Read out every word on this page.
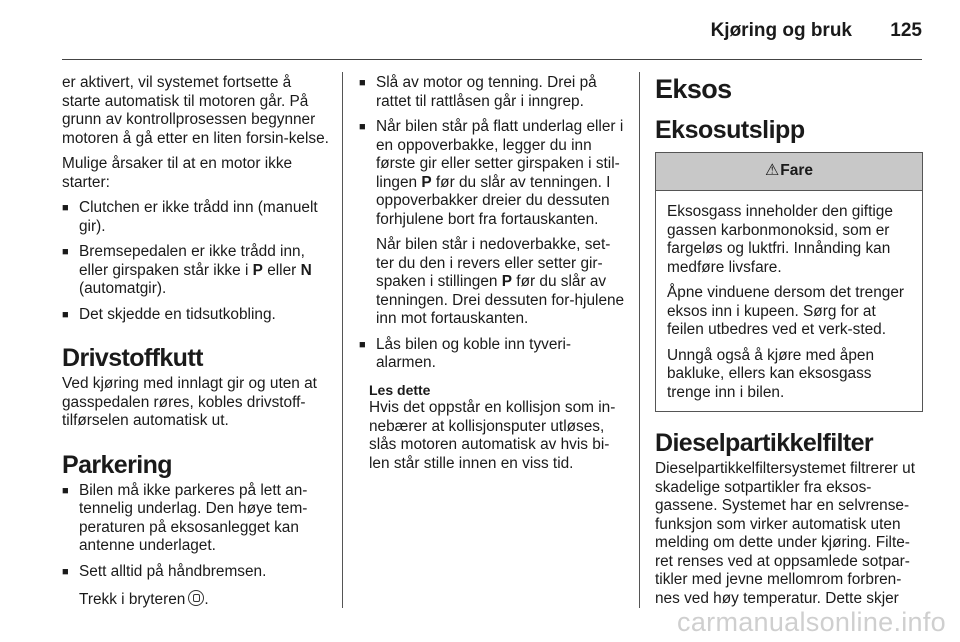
Kjøring og bruk 125

er aktivert, vil systemet fortsette å starte automatisk til motoren går. På grunn av kontrollprosessen begynner motoren å gå etter en liten forsin-kelse.

Mulige årsaker til at en motor ikke starter:

■ Clutchen er ikke trådd inn (manuelt gir).
■ Bremsepedalen er ikke trådd inn, eller girspaken står ikke i P eller N (automatgir).
■ Det skjedde en tidsutkobling.
Drivstoffkutt

Ved kjøring med innlagt gir og uten at gasspedalen røres, kobles drivstoff-tilførselen automatisk ut.

Parkering
■ Bilen må ikke parkeres på lett an-tennelig underlag. Den høye tem-peraturen på eksosanlegget kan antenne underlaget.
■ Sett alltid på håndbremsen.

Trekk i bryteren .

■ Slå av motor og tenning. Drei på rattet til rattlåsen går i inngrep.
■ Når bilen står på flatt underlag eller i en oppoverbakke, legger du inn første gir eller setter girspaken i stil-lingen P før du slår av tenningen. I oppoverbakker dreier du dessuten forhjulene bort fra fortauskanten.

Når bilen står i nedoverbakke, set-ter du den i revers eller setter gir-spaken i stillingen P før du slår av tenningen. Drei dessuten for-hjulene inn mot fortauskanten.

■ Lås bilen og koble inn tyveri-alarmen.
Les dette

Hvis det oppstår en kollisjon som in-nebærer at kollisjonsputer utløses, slås motoren automatisk av hvis bi-len står stille innen en viss tid.

Eksos
Eksosutslipp
⚠ Fare

Eksosgass inneholder den giftige gassen karbonmonoksid, som er fargeløs og luktfri. Innånding kan medføre livsfare.

Åpne vinduene dersom det trenger eksos inn i kupeen. Sørg for at feilen utbedres ved et verk-sted.

Unngå også å kjøre med åpen bakluke, ellers kan eksosgass trenge inn i bilen.

Dieselpartikkelfilter

Dieselpartikkelfiltersystemet filtrerer ut skadelige sotpartikler fra eksos-gassene. Systemet har en selvrense-funksjon som virker automatisk uten melding om dette under kjøring. Filte-ret renses ved at oppsamlede sotpar-tikler med jevne mellomrom forbren-nes ved høy temperatur. Dette skjer

carmanualsonline.info
